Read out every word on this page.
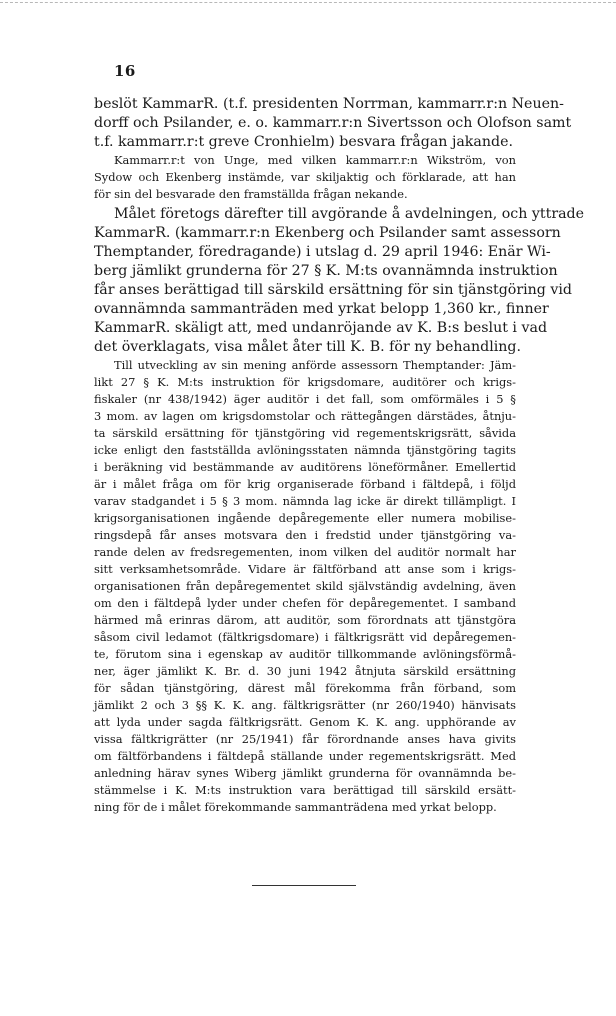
16
beslöt KammarR. (t.f. presidenten Norrman, kammarr.r:n Neuen-
dorff och Psilander, e. o. kammarr.r:n Sivertsson och Olofson samt
t.f. kammarr.r:t greve Cronhielm) besvara frågan jakande.
Kammarr.r:t von Unge, med vilken kammarr.r:n Wikström, von
Sydow och Ekenberg instämde, var skiljaktig och förklarade, att han
för sin del besvarade den framställda frågan nekande.
Målet företogs därefter till avgörande å avdelningen, och yttrade
KammarR. (kammarr.r:n Ekenberg och Psilander samt assessorn
Themptander, föredragande) i utslag d. 29 april 1946: Enär Wi-
berg jämlikt grunderna för 27 § K. M:ts ovannämnda instruktion
får anses berättigad till särskild ersättning för sin tjänstgöring vid
ovannämnda sammanträden med yrkat belopp 1,360 kr., finner
KammarR. skäligt att, med undanröjande av K. B:s beslut i vad
det överklagats, visa målet åter till K. B. för ny behandling.
Till utveckling av sin mening anförde assessorn Themptander: Jäm-
likt 27 § K. M:ts instruktion för krigsdomare, auditörer och krigs-
fiskaler (nr 438/1942) äger auditör i det fall, som omförmäles i 5 §
3 mom. av lagen om krigsdomstolar och rättegången därstädes, åtnju-
ta särskild ersättning för tjänstgöring vid regementskrigsrätt, såvida
icke enligt den fastställda avlöningsstaten nämnda tjänstgöring tagits
i beräkning vid bestämmande av auditörens löneförmåner. Emellertid
är i målet fråga om för krig organiserade förband i fältdepå, i följd
varav stadgandet i 5 § 3 mom. nämnda lag icke är direkt tillämpligt. I
krigsorganisationen ingående depåregemente eller numera mobilise-
ringsdepå får anses motsvara den i fredstid under tjänstgöring va-
rande delen av fredsregementen, inom vilken del auditör normalt har
sitt verksamhetsområde. Vidare är fältförband att anse som i krigs-
organisationen från depåregementet skild självständig avdelning, även
om den i fältdepå lyder under chefen för depåregementet. I samband
härmed må erinras därom, att auditör, som förordnats att tjänstgöra
såsom civil ledamot (fältkrigsdomare) i fältkrigsrätt vid depåregemen-
te, förutom sina i egenskap av auditör tillkommande avlöningsförmå-
ner, äger jämlikt K. Br. d. 30 juni 1942 åtnjuta särskild ersättning
för sådan tjänstgöring, därest mål förekomma från förband, som
jämlikt 2 och 3 §§ K. K. ang. fältkrigsrätter (nr 260/1940) hänvisats
att lyda under sagda fältkrigsrätt. Genom K. K. ang. upphörande av
vissa fältkrigrätter (nr 25/1941) får förordnande anses hava givits
om fältförbandens i fältdepå ställande under regementskrigsrätt. Med
anledning härav synes Wiberg jämlikt grunderna för ovannämnda be-
stämmelse i K. M:ts instruktion vara berättigad till särskild ersätt-
ning för de i målet förekommande sammanträdena med yrkat belopp.
